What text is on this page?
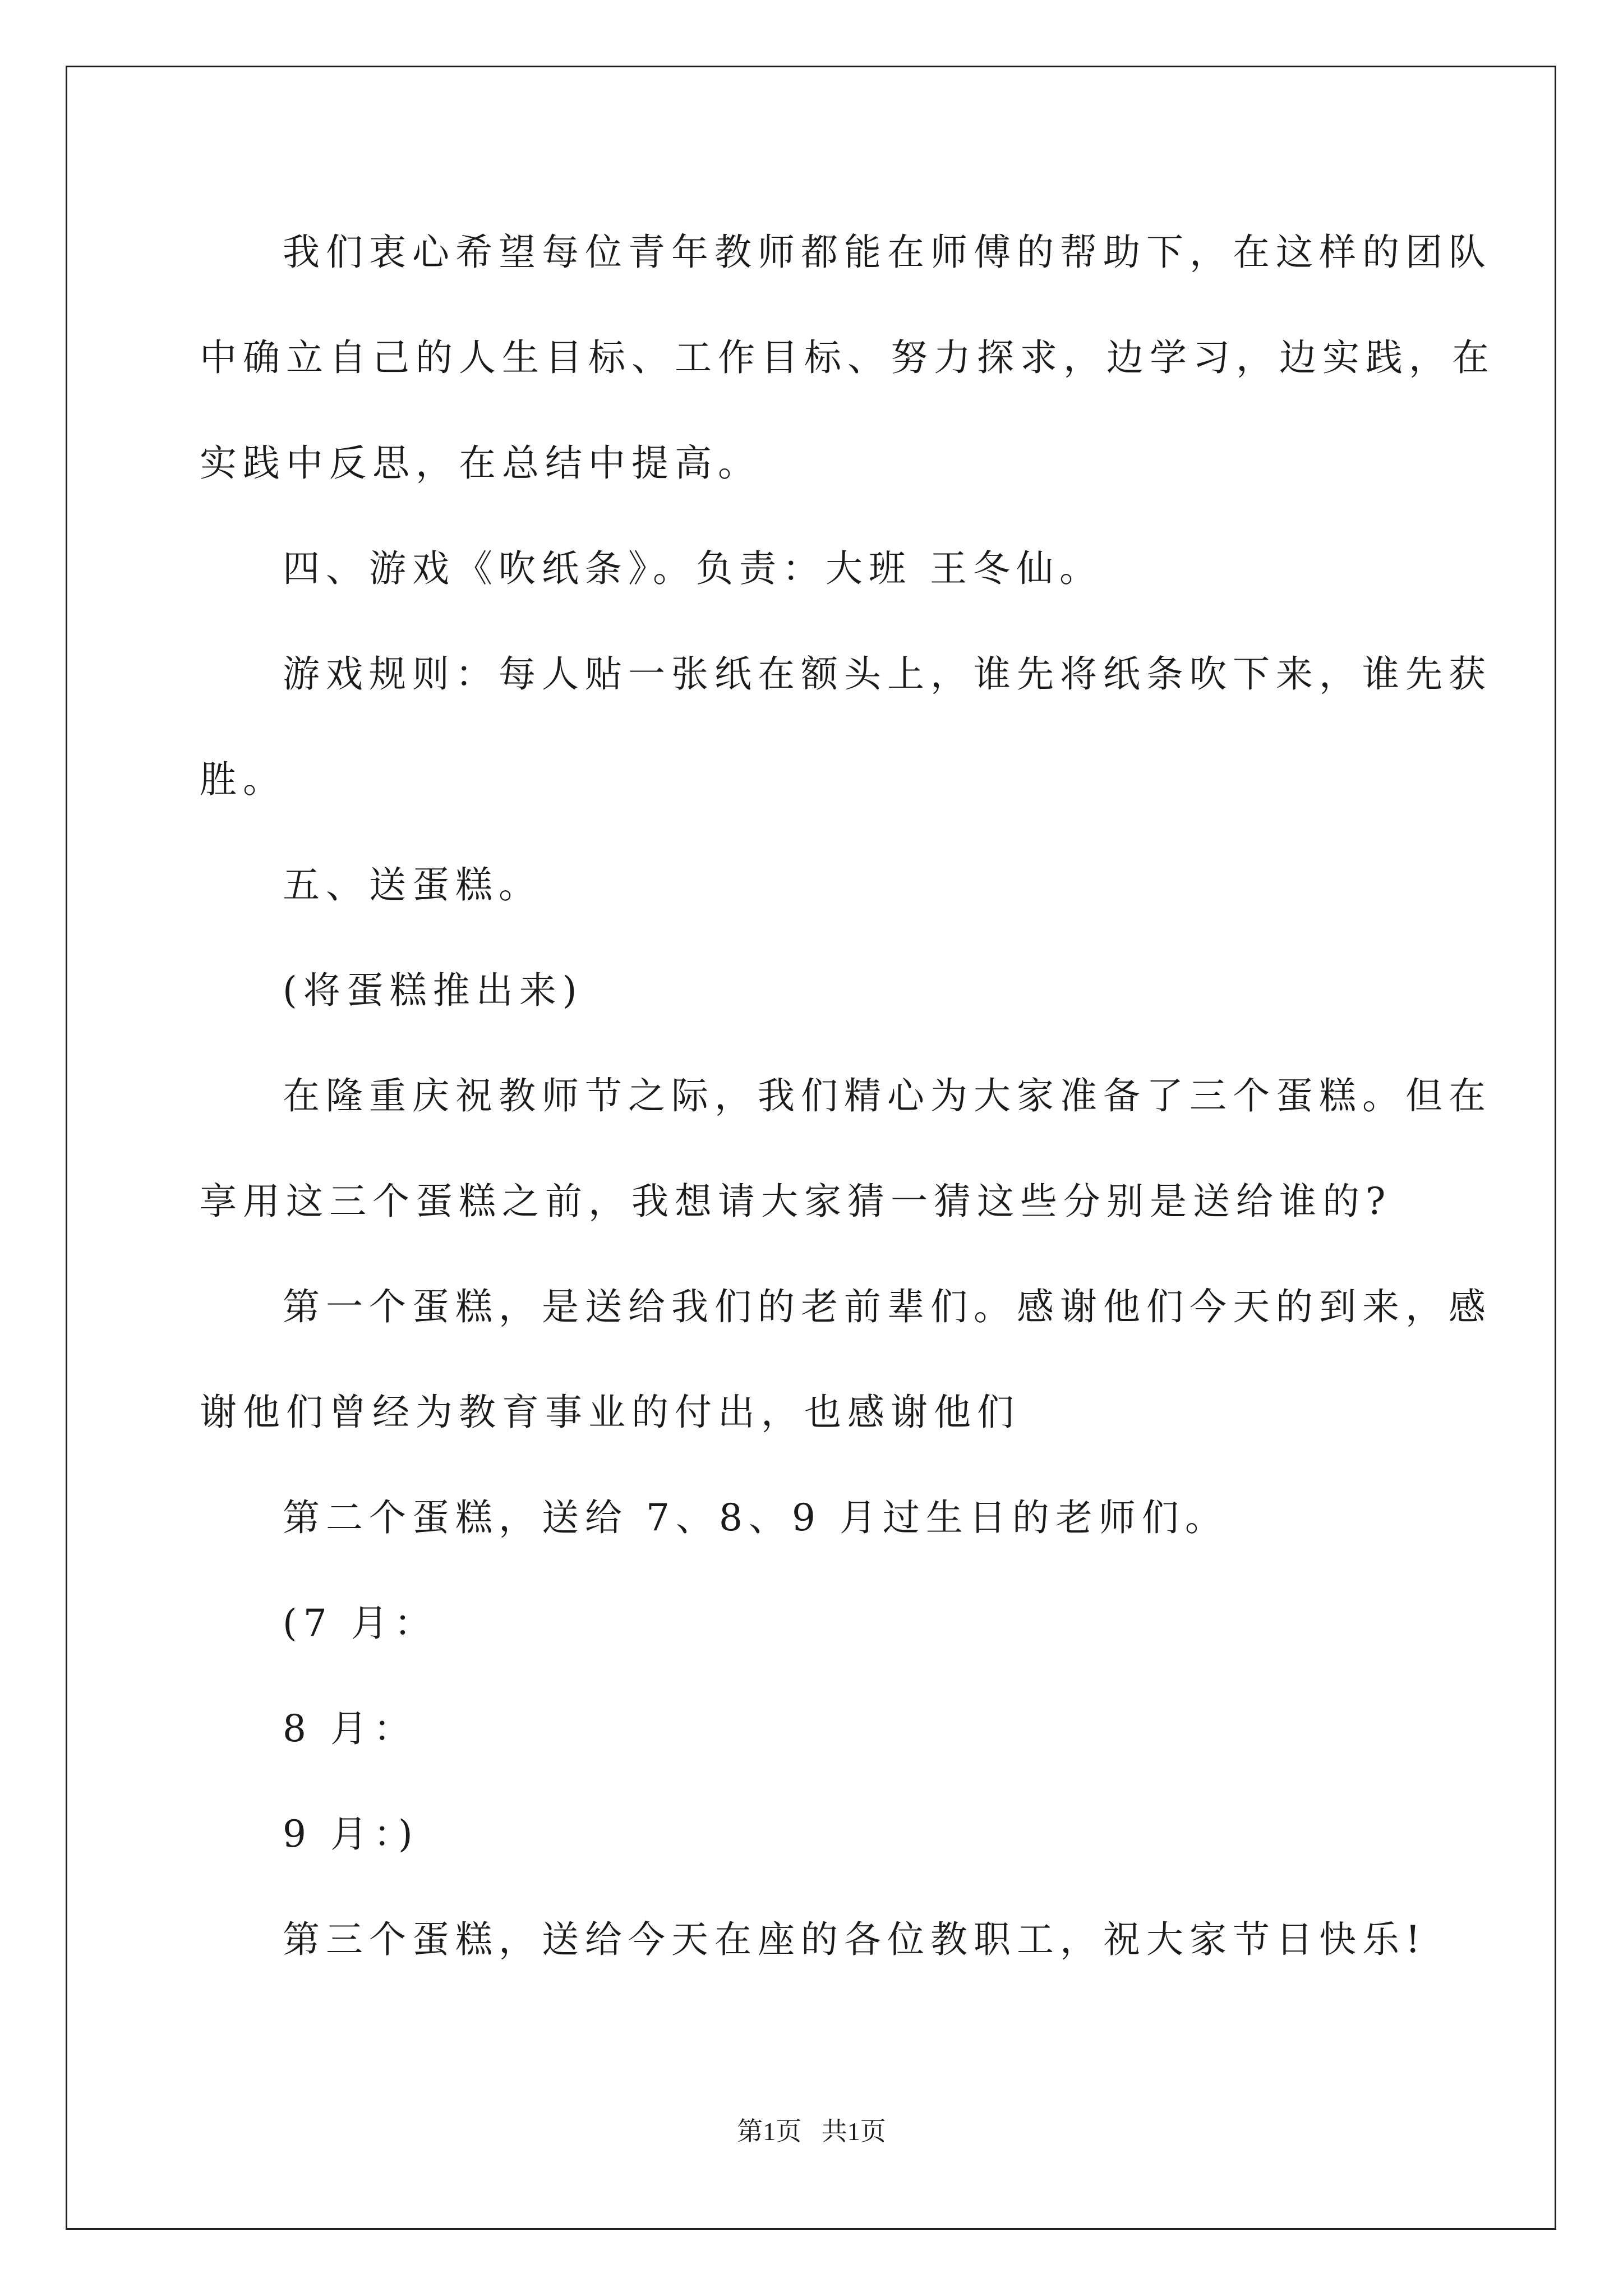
我们衷心希望每位青年教师都能在师傅的帮助下，在这样的团队
中确立自己的人生目标、工作目标、努力探求，边学习，边实践，在
实践中反思，在总结中提高。
四、游戏《吹纸条》。负责：大班 王冬仙。
游戏规则：每人贴一张纸在额头上，谁先将纸条吹下来，谁先获
胜。
五、送蛋糕。
(将蛋糕推出来)
在隆重庆祝教师节之际，我们精心为大家准备了三个蛋糕。但在
享用这三个蛋糕之前，我想请大家猜一猜这些分别是送给谁的?
第一个蛋糕，是送给我们的老前辈们。感谢他们今天的到来，感
谢他们曾经为教育事业的付出，也感谢他们
第二个蛋糕，送给 7、8、9 月过生日的老师们。
(7 月：
8 月：
9 月：)
第三个蛋糕，送给今天在座的各位教职工，祝大家节日快乐!
第1页 共1页
